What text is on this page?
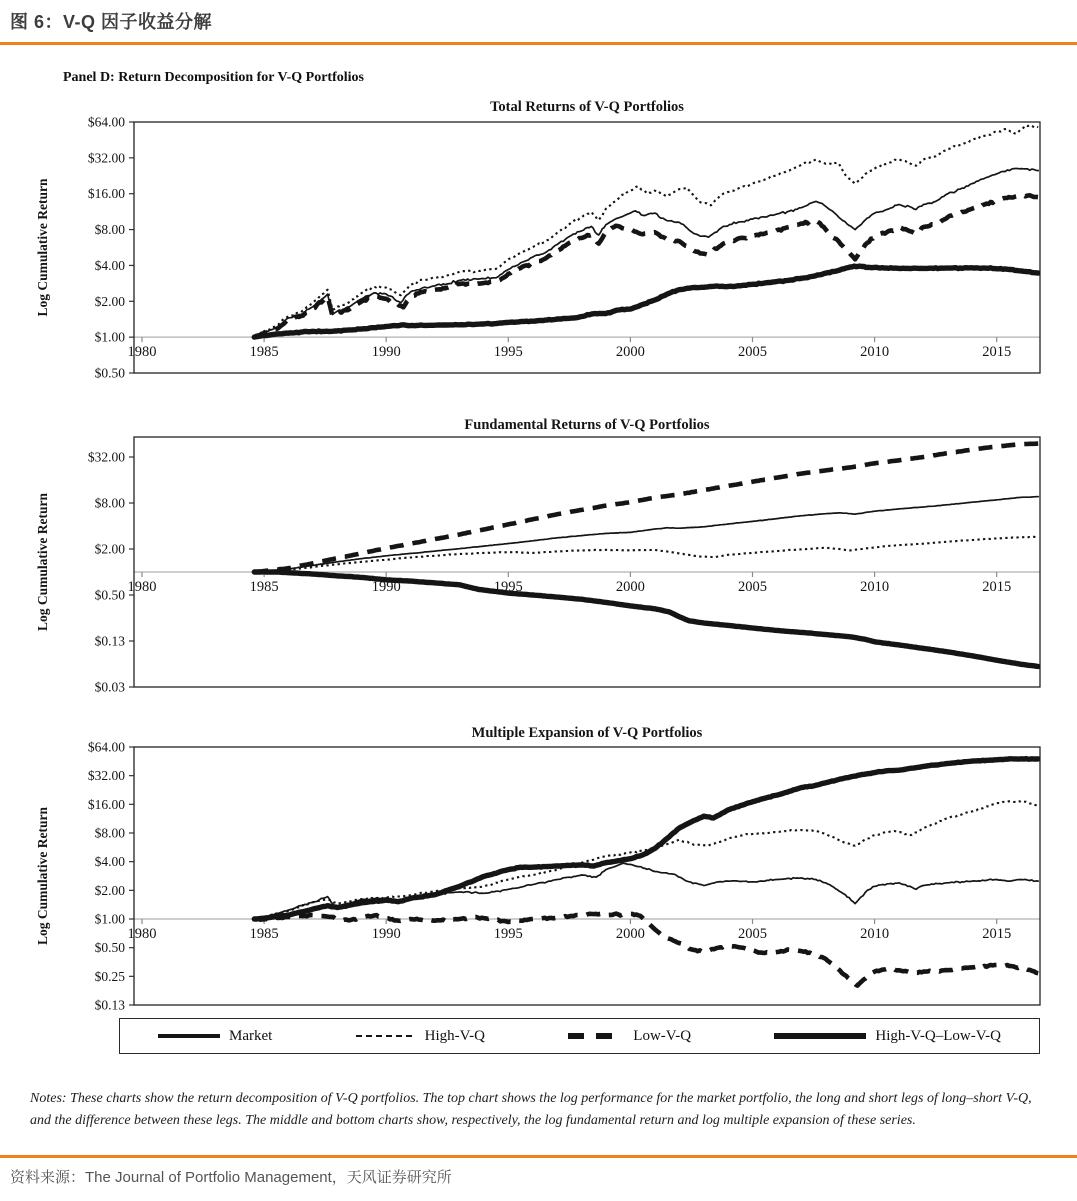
图 6：V-Q 因子收益分解
Panel D: Return Decomposition for V-Q Portfolios
Total Returns of V-Q Portfolios
1980	1985	1990	1995	2000	2005	2010	2015
$64.00
$32.00
$16.00
$8.00
$4.00
$2.00
$1.00
$0.50
Log Cumulative Return
Fundamental Returns of V-Q Portfolios
1980	1985	1990	1995	2000	2005	2010	2015
$32.00
$8.00
$2.00
$0.50
$0.13
$0.03
Log Cumulative Return
Multiple Expansion of V-Q Portfolios
1980	1985	1990	1995	2000	2005	2010	2015
$64.00
$32.00
$16.00
$8.00
$4.00
$2.00
$1.00
$0.50
$0.25
$0.13
Log Cumulative Return
Market	High-V-Q	Low-V-Q	High-V-Q–Low-V-Q

Notes: These charts show the return decomposition of V-Q portfolios. The top chart shows the log performance for the market portfolio, the long and short legs of long–short V-Q, and the difference between these legs. The middle and bottom charts show, respectively, the log fundamental return and log multiple expansion of these series.

资料来源：The Journal of Portfolio Management，天风证券研究所
